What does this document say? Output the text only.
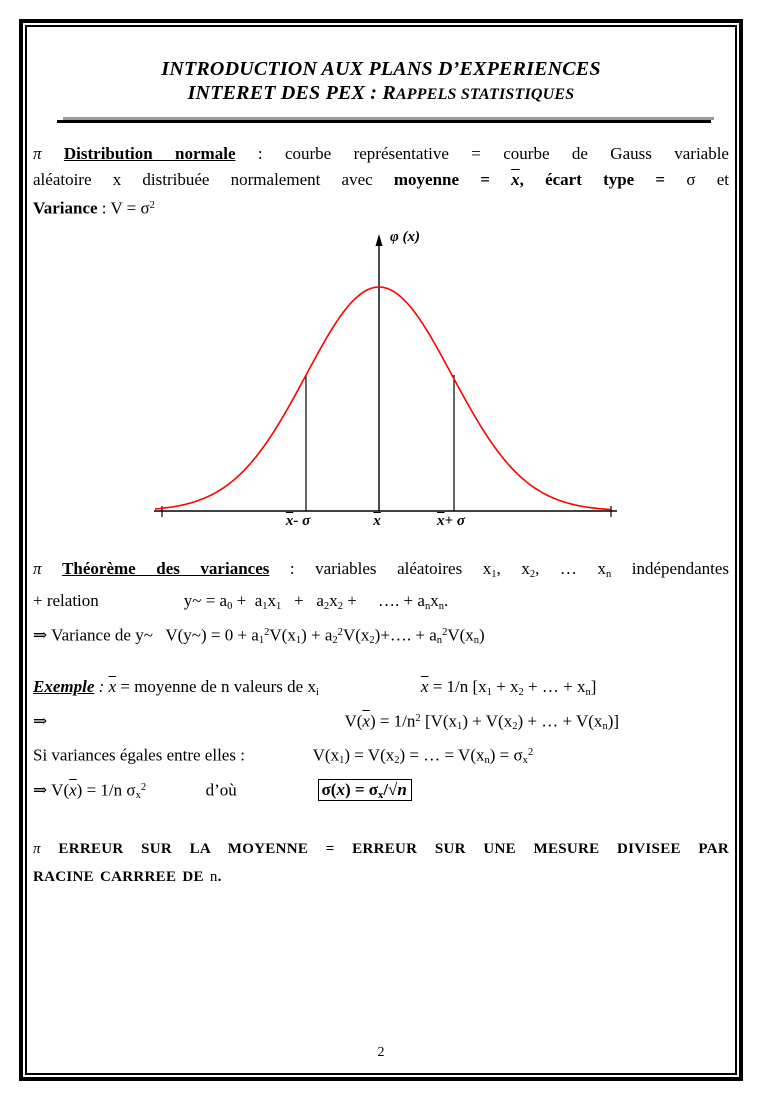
INTRODUCTION AUX PLANS D’EXPERIENCES
INTERET DES PEX : RAPPELS STATISTIQUES
π Distribution normale : courbe représentative = courbe de Gauss variable
aléatoire x distribuée normalement avec moyenne = $\overline{x}$, écart type = σ et
Variance : $V = \sigma^2$
φ (x)
$\overline{x}-$ σ	$\overline{x}$	$\overline{x}+ \sigma$
π Théorème des variances : variables aléatoires $x_1$, $x_2$, … $x_n$ indépendantes
+ relation                    y~ = $a_0 + a_1x_1 + a_2x_2$ +     …. + $a_nx_n$.
⇒ Variance de y~   V(y~) = $0 + a_1^2V(x_1)$ + $a_2^2V(x_2)+\dots$. + $a_n^2V(x_n)$
Exemple : $\overline{x}$ = moyenne de n valeurs de $x_i$	$\overline{x} = 1/n$ [$x_1 + x_2$ + … + $x_n$]
⇒                                                                      $V(\overline{x}) = 1/n^2$ [$V(x_1) + V(x_2)$ + … + $V(x_n)$]
Si variances égales entre elles :                $V(x_1) = V(x_2)$ = … = $V(x_n) = \sigma_x^2$
⇒ $V(\overline{x}) = 1/n$ $\sigma_x^2$              d’où                   $\sigma(\overline{x}) = \sigma_x/√n$
π ERREUR SUR LA MOYENNE = ERREUR SUR UNE MESURE DIVISEE PAR
RACINE CARRREE DE n.
2
